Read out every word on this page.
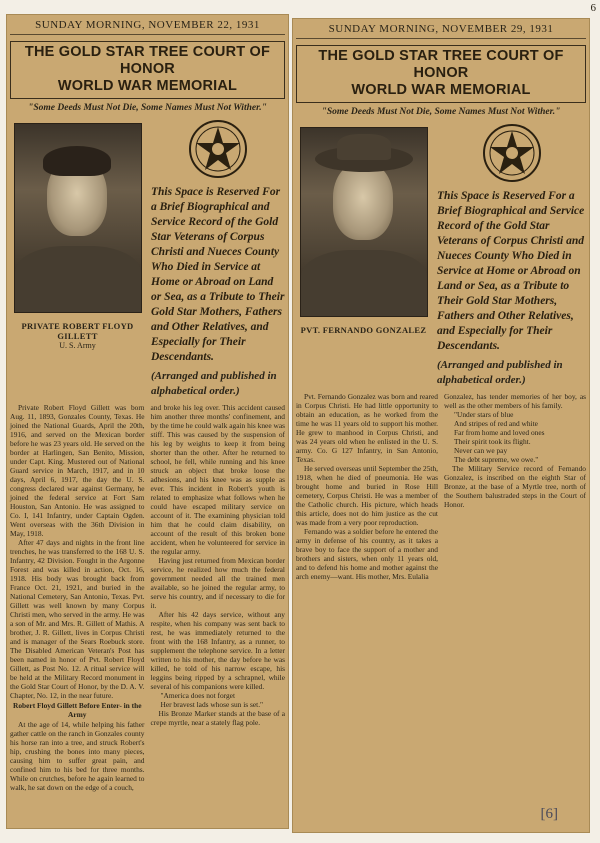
6
SUNDAY MORNING, NOVEMBER 22, 1931
THE GOLD STAR TREE COURT OF HONOR
WORLD WAR MEMORIAL
"Some Deeds Must Not Die, Some Names Must Not Wither."
PRIVATE ROBERT FLOYD GILLETT
U. S. Army
This Space is Reserved For a Brief Biographical and Service Record of the Gold Star Veterans of Corpus Christi and Nueces County Who Died in Service at Home or Abroad on Land or Sea, as a Tribute to Their Gold Star Mothers, Fathers and Other Relatives, and Especially for Their Descendants.
(Arranged and published in alphabetical order.)

Private Robert Floyd Gillett was born Aug. 11, 1893, Gonzales County, Texas. He joined the National Guards, April the 20th, 1916, and served on the Mexican border before he was 23 years old. He served on the border at Harlingen, San Benito, Mission, under Capt. King. Mustered out of National Guard service in March, 1917, and in 10 days, April 6, 1917, the day the U. S. congress declared war against Germany, he joined the federal service at Fort Sam Houston, San Antonio. He was assigned to Co. I, 141 Infantry, under Captain Ogden. Went overseas with the 36th Division in May, 1918.

After 47 days and nights in the front line trenches, he was transferred to the 168 U. S. Infantry, 42 Division. Fought in the Argonne Forest and was killed in action, Oct. 16, 1918. His body was brought back from France Oct. 21, 1921, and buried in the National Cemetery, San Antonio, Texas. Pvt. Gillett was well known by many Corpus Christi men, who served in the army. He was a son of Mr. and Mrs. R. Gillett of Mathis. A brother, J. R. Gillett, lives in Corpus Christi and is manager of the Sears Roebuck store. The Disabled American Veteran's Post has been named in honor of Pvt. Robert Floyd Gillett, as Post No. 12. A ritual service will be held at the Military Record monument in the Gold Star Court of Honor, by the D. A. V. Chapter, No. 12, in the near future.

Robert Floyd Gillett Before Enter- in the Army

At the age of 14, while helping his father gather cattle on the ranch in Gonzales county his horse ran into a tree, and struck Robert's hip, crushing the bones into many pieces, causing him to suffer great pain, and confined him to his bed for three months. While on crutches, before he again learned to walk, he sat down on the edge of a couch,

and broke his leg over. This accident caused him another three months' confinement, and by the time he could walk again his knee was stiff. This was caused by the suspension of his leg by weights to keep it from being shorter than the other. After he returned to school, he fell, while running and his knee struck an object that broke loose the adhesions, and his knee was as supple as ever. This incident in Robert's youth is related to emphasize what follows when he could have escaped military service on account of it. The examining physician told him that he could claim disability, on account of the result of this broken bone accident, when he volunteered for service in the regular army.

Having just returned from Mexican border service, he realized how much the federal government needed all the trained men available, so he joined the regular army, to serve his country, and if necessary to die for it.

After his 42 days service, without any respite, when his company was sent back to rest, he was immediately returned to the front with the 168 Infantry, as a runner, to supplement the telephone service. In a letter written to his mother, the day before he was killed, he told of his narrow escape, his leggins being ripped by a schrapnel, while several of his companions were killed.

"America does not forget

Her bravest lads whose sun is set."

His Bronze Marker stands at the base of a crepe myrtle, near a stately flag pole.

SUNDAY MORNING, NOVEMBER 29, 1931
THE GOLD STAR TREE COURT OF HONOR
WORLD WAR MEMORIAL
"Some Deeds Must Not Die, Some Names Must Not Wither."
PVT. FERNANDO GONZALEZ
This Space is Reserved For a Brief Biographical and Service Record of the Gold Star Veterans of Corpus Christi and Nueces County Who Died in Service at Home or Abroad on Land or Sea, as a Tribute to Their Gold Star Mothers, Fathers and Other Relatives, and Especially for Their Descendants.
(Arranged and published in alphabetical order.)

Pvt. Fernando Gonzalez was born and reared in Corpus Christi. He had little opportunity to obtain an education, as he worked from the time he was 11 years old to support his mother. He grew to manhood in Corpus Christi, and was 24 years old when he enlisted in the U. S. army. Co. G 127 Infantry, in San Antonio, Texas.

He served overseas until September the 25th, 1918, when he died of pneumonia. He was brought home and buried in Rose Hill cemetery, Corpus Christi. He was a member of the Catholic church. His picture, which heads this article, does not do him justice as the cut was made from a very poor reproduction.

Fernando was a soldier before he entered the army in defense of his country, as it takes a brave boy to face the support of a mother and brothers and sisters, when only 11 years old, and to defend his home and mother against the arch enemy—want. His mother, Mrs. Eulalia

Gonzalez, has tender memories of her boy, as well as the other members of his family.

"Under stars of blue

And stripes of red and white

Far from home and loved ones

Their spirit took its flight.

Never can we pay

The debt supreme, we owe."

The Military Service record of Fernando Gonzalez, is inscribed on the eighth Star of Bronze, at the base of a Myrtle tree, north of the Southern balustraded steps in the Court of Honor.

[6]
